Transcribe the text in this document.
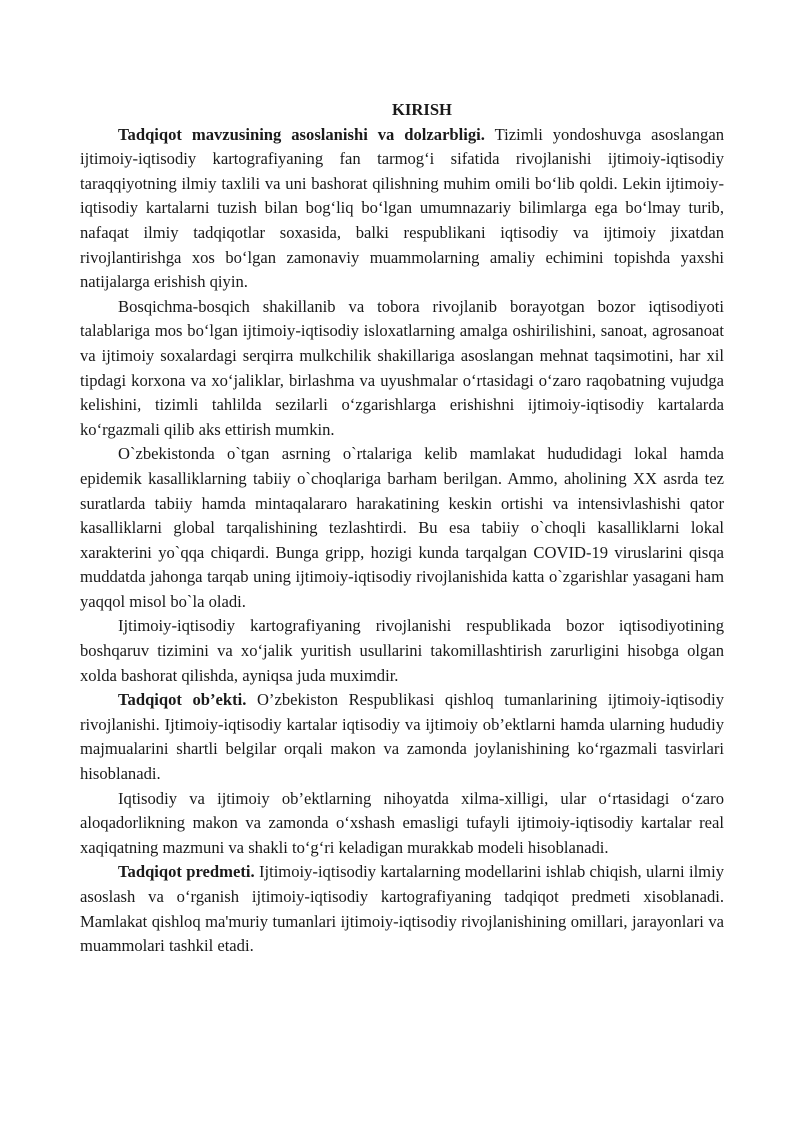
KIRISH

Tadqiqot mavzusining asoslanishi va dolzarbligi. Tizimli yondoshuvga asoslangan ijtimoiy-iqtisodiy kartografiyaning fan tarmog‘i sifatida rivojlanishi ijtimoiy-iqtisodiy taraqqiyotning ilmiy taxlili va uni bashorat qilishning muhim omili bo‘lib qoldi. Lekin ijtimoiy-iqtisodiy kartalarni tuzish bilan bog‘liq bo‘lgan umumnazariy bilimlarga ega bo‘lmay turib, nafaqat ilmiy tadqiqotlar soxasida, balki respublikani iqtisodiy va ijtimoiy jixatdan rivojlantirishga xos bo‘lgan zamonaviy muammolarning amaliy echimini topishda yaxshi natijalarga erishish qiyin.

Bosqichma-bosqich shakillanib va tobora rivojlanib borayotgan bozor iqtisodiyoti talablariga mos bo‘lgan ijtimoiy-iqtisodiy isloxatlarning amalga oshirilishini, sanoat, agrosanoat va ijtimoiy soxalardagi serqirra mulkchilik shakillariga asoslangan mehnat taqsimotini, har xil tipdagi korxona va xo‘jaliklar, birlashma va uyushmalar o‘rtasidagi o‘zaro raqobatning vujudga kelishini, tizimli tahlilda sezilarli o‘zgarishlarga erishishni ijtimoiy-iqtisodiy kartalarda ko‘rgazmali qilib aks ettirish mumkin.

O`zbekistonda o`tgan asrning o`rtalariga kelib mamlakat hududidagi lokal hamda epidemik kasalliklarning tabiiy o`choqlariga barham berilgan. Ammo, aholining XX asrda tez suratlarda tabiiy hamda mintaqalararo harakatining keskin ortishi va intensivlashishi qator kasalliklarni global tarqalishining tezlashtirdi. Bu esa tabiiy o`choqli kasalliklarni lokal xarakterini yo`qqa chiqardi. Bunga gripp, hozigi kunda tarqalgan COVID-19 viruslarini qisqa muddatda jahonga tarqab uning ijtimoiy-iqtisodiy rivojlanishida katta o`zgarishlar yasagani ham yaqqol misol bo`la oladi.

Ijtimoiy-iqtisodiy kartografiyaning rivojlanishi respublikada bozor iqtisodiyotining boshqaruv tizimini va xo‘jalik yuritish usullarini takomillashtirish zarurligini hisobga olgan xolda bashorat qilishda, ayniqsa juda muximdir.

Tadqiqot ob’ekti. O’zbekiston Respublikasi qishloq tumanlarining ijtimoiy-iqtisodiy rivojlanishi. Ijtimoiy-iqtisodiy kartalar iqtisodiy va ijtimoiy ob’ektlarni hamda ularning hududiy majmualarini shartli belgilar orqali makon va zamonda joylanishining ko‘rgazmali tasvirlari hisoblanadi.

Iqtisodiy va ijtimoiy ob’ektlarning nihoyatda xilma-xilligi, ular o‘rtasidagi o‘zaro aloqadorlikning makon va zamonda o‘xshash emasligi tufayli ijtimoiy-iqtisodiy kartalar real xaqiqatning mazmuni va shakli to‘g‘ri keladigan murakkab modeli hisoblanadi.

Tadqiqot predmeti. Ijtimoiy-iqtisodiy kartalarning modellarini ishlab chiqish, ularni ilmiy asoslash va o‘rganish ijtimoiy-iqtisodiy kartografiyaning tadqiqot predmeti xisoblanadi. Mamlakat qishloq ma'muriy tumanlari ijtimoiy-iqtisodiy rivojlanishining omillari, jarayonlari va muammolari tashkil etadi.
